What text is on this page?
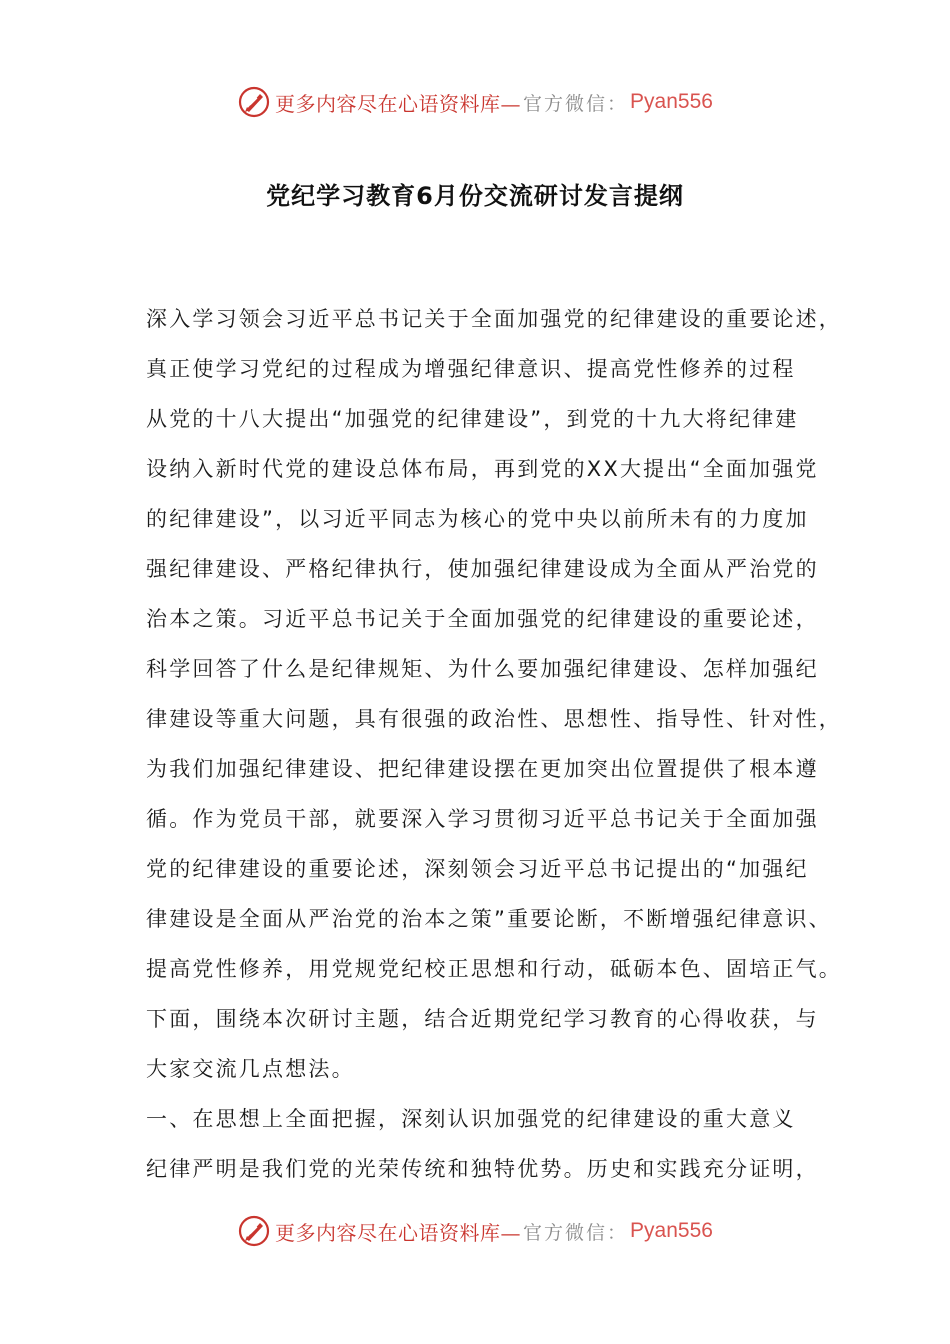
更多内容尽在心语资料库— 官方微信： Pyan556
党纪学习教育6月份交流研讨发言提纲
深入学习领会习近平总书记关于全面加强党的纪律建设的重要论述，
真正使学习党纪的过程成为增强纪律意识、提高党性修养的过程
从党的十八大提出“加强党的纪律建设”，到党的十九大将纪律建
设纳入新时代党的建设总体布局，再到党的XX大提出“全面加强党
的纪律建设”，以习近平同志为核心的党中央以前所未有的力度加
强纪律建设、严格纪律执行，使加强纪律建设成为全面从严治党的
治本之策。习近平总书记关于全面加强党的纪律建设的重要论述，
科学回答了什么是纪律规矩、为什么要加强纪律建设、怎样加强纪
律建设等重大问题，具有很强的政治性、思想性、指导性、针对性，
为我们加强纪律建设、把纪律建设摆在更加突出位置提供了根本遵
循。作为党员干部，就要深入学习贯彻习近平总书记关于全面加强
党的纪律建设的重要论述，深刻领会习近平总书记提出的“加强纪
律建设是全面从严治党的治本之策”重要论断，不断增强纪律意识、
提高党性修养，用党规党纪校正思想和行动，砥砺本色、固培正气。
下面，围绕本次研讨主题，结合近期党纪学习教育的心得收获，与
大家交流几点想法。
一、在思想上全面把握，深刻认识加强党的纪律建设的重大意义
纪律严明是我们党的光荣传统和独特优势。历史和实践充分证明，
更多内容尽在心语资料库— 官方微信： Pyan556
